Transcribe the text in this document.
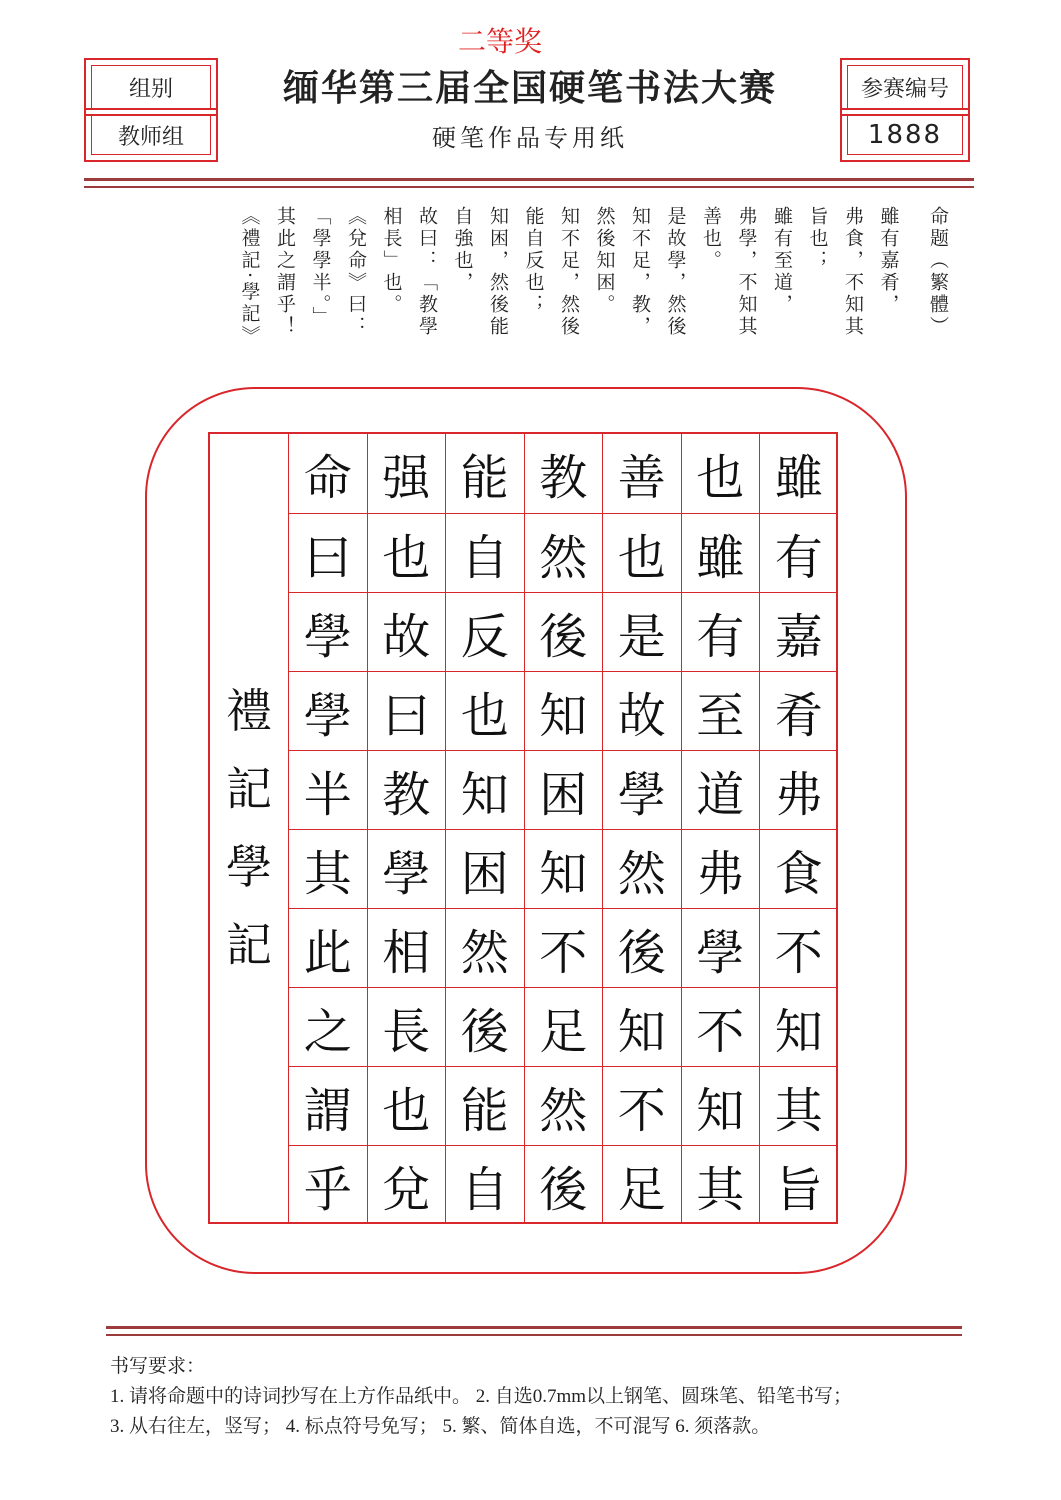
二等奖
组别
教师组
缅华第三届全国硬笔书法大赛
硬笔作品专用纸
参赛编号
1888
命题（繁體）
雖有嘉肴，
弗食，不知其
旨也；
雖有至道，
弗學，不知其
善也。
是故學，然後
知不足，教，
然後知困。
知不足，然後
能自反也；
知困，然後能
自強也，
故曰：「教學
相長」也。
《兌命》曰：
「學學半。」
其此之謂乎！
《禮記·學記》
禮
記
學
記
雖
有
嘉
肴
弗
食
不
知
其
旨
也
雖
有
至
道
弗
學
不
知
其
善
也
是
故
學
然
後
知
不
足
教
然
後
知
困
知
不
足
然
後
能
自
反
也
知
困
然
後
能
自
强
也
故
曰
教
學
相
長
也
兌
命
曰
學
學
半
其
此
之
謂
乎
书写要求：
1. 请将命题中的诗词抄写在上方作品纸中。 2. 自选0.7mm以上钢笔、圆珠笔、铅笔书写；
3. 从右往左，竖写； 4. 标点符号免写； 5. 繁、简体自选，不可混写 6. 须落款。
